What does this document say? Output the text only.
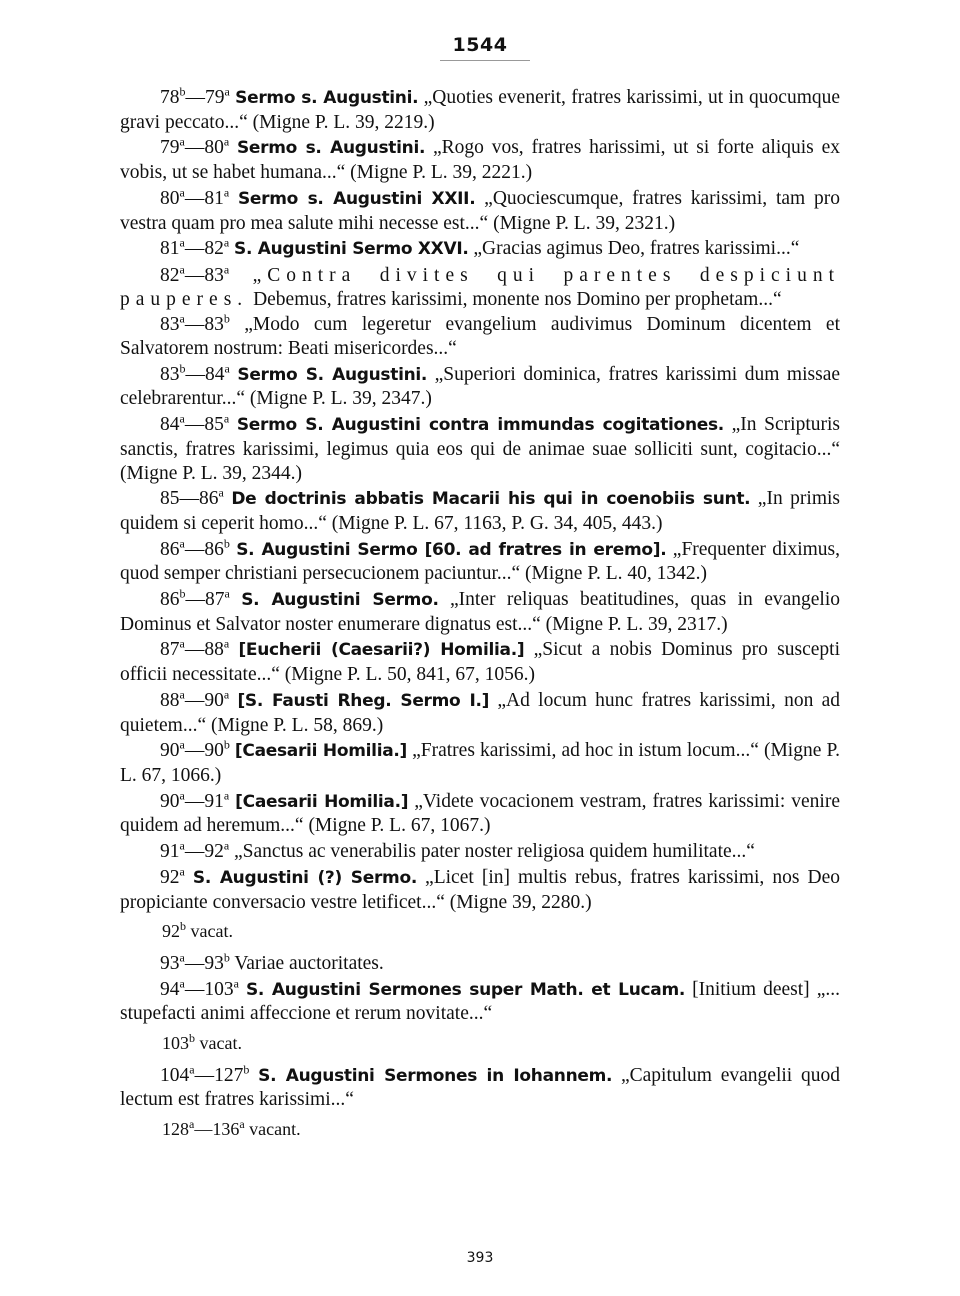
1544

78$^b$—79$^a$ Sermo s. Augustini. „Quoties evenerit, fratres karissimi, ut in quocumque gravi peccato...“ (Migne P. L. 39, 2219.)

79$^a$—80$^a$ Sermo s. Augustini. „Rogo vos, fratres harissimi, ut si forte aliquis ex vobis, ut se habet humana...“ (Migne P. L. 39, 2221.)

80$^a$—81$^a$ Sermo s. Augustini XXII. „Quociescumque, fratres karissimi, tam pro vestra quam pro mea salute mihi necesse est...“ (Migne P. L. 39, 2321.)

81$^a$—82$^a$ S. Augustini Sermo XXVI. „Gracias agimus Deo, fratres karissimi...“

82$^a$—83$^a$ „Contra divites qui parentes despiciunt pauperes. Debemus, fratres karissimi, monente nos Domino per prophetam...“

83$^a$—83$^b$ „Modo cum legeretur evangelium audivimus Dominum dicentem et Salvatorem nostrum: Beati misericordes...“

83$^b$—84$^a$ Sermo S. Augustini. „Superiori dominica, fratres karissimi dum missae celebrarentur...“ (Migne P. L. 39, 2347.)

84$^a$—85$^a$ Sermo S. Augustini contra immundas cogitationes. „In Scripturis sanctis, fratres karissimi, legimus quia eos qui de animae suae solliciti sunt, cogitacio...“ (Migne P. L. 39, 2344.)

85—86$^a$ De doctrinis abbatis Macarii his qui in coenobiis sunt. „In primis quidem si ceperit homo...“ (Migne P. L. 67, 1163, P. G. 34, 405, 443.)

86$^a$—86$^b$ S. Augustini Sermo [60. ad fratres in eremo]. „Frequenter diximus, quod semper christiani persecucionem paciuntur...“ (Migne P. L. 40, 1342.)

86$^b$—87$^a$ S. Augustini Sermo. „Inter reliquas beatitudines, quas in evangelio Dominus et Salvator noster enumerare dignatus est...“ (Migne P. L. 39, 2317.)

87$^a$—88$^a$ [Eucherii (Caesarii?) Homilia.] „Sicut a nobis Dominus pro suscepti officii necessitate...“ (Migne P. L. 50, 841, 67, 1056.)

88$^a$—90$^a$ [S. Fausti Rheg. Sermo I.] „Ad locum hunc fratres karissimi, non ad quietem...“ (Migne P. L. 58, 869.)

90$^a$—90$^b$ [Caesarii Homilia.] „Fratres karissimi, ad hoc in istum locum...“ (Migne P. L. 67, 1066.)

90$^a$—91$^a$ [Caesarii Homilia.] „Videte vocacionem vestram, fratres karissimi: venire quidem ad heremum...“ (Migne P. L. 67, 1067.)

91$^a$—92$^a$ „Sanctus ac venerabilis pater noster religiosa quidem humilitate...“

92$^a$ S. Augustini (?) Sermo. „Licet [in] multis rebus, fratres karissimi, nos Deo propiciante conversacio vestre letificet...“ (Migne 39, 2280.)

92$^b$ vacat.

93$^a$—93$^b$ Variae auctoritates.

94$^a$—103$^a$ S. Augustini Sermones super Math. et Lucam. [Initium deest] „... stupefacti animi affeccione et rerum novitate...“

103$^b$ vacat.

104$^a$—127$^b$ S. Augustini Sermones in Iohannem. „Capitulum evangelii quod lectum est fratres karissimi...“

128$^a$—136$^a$ vacant.

393
